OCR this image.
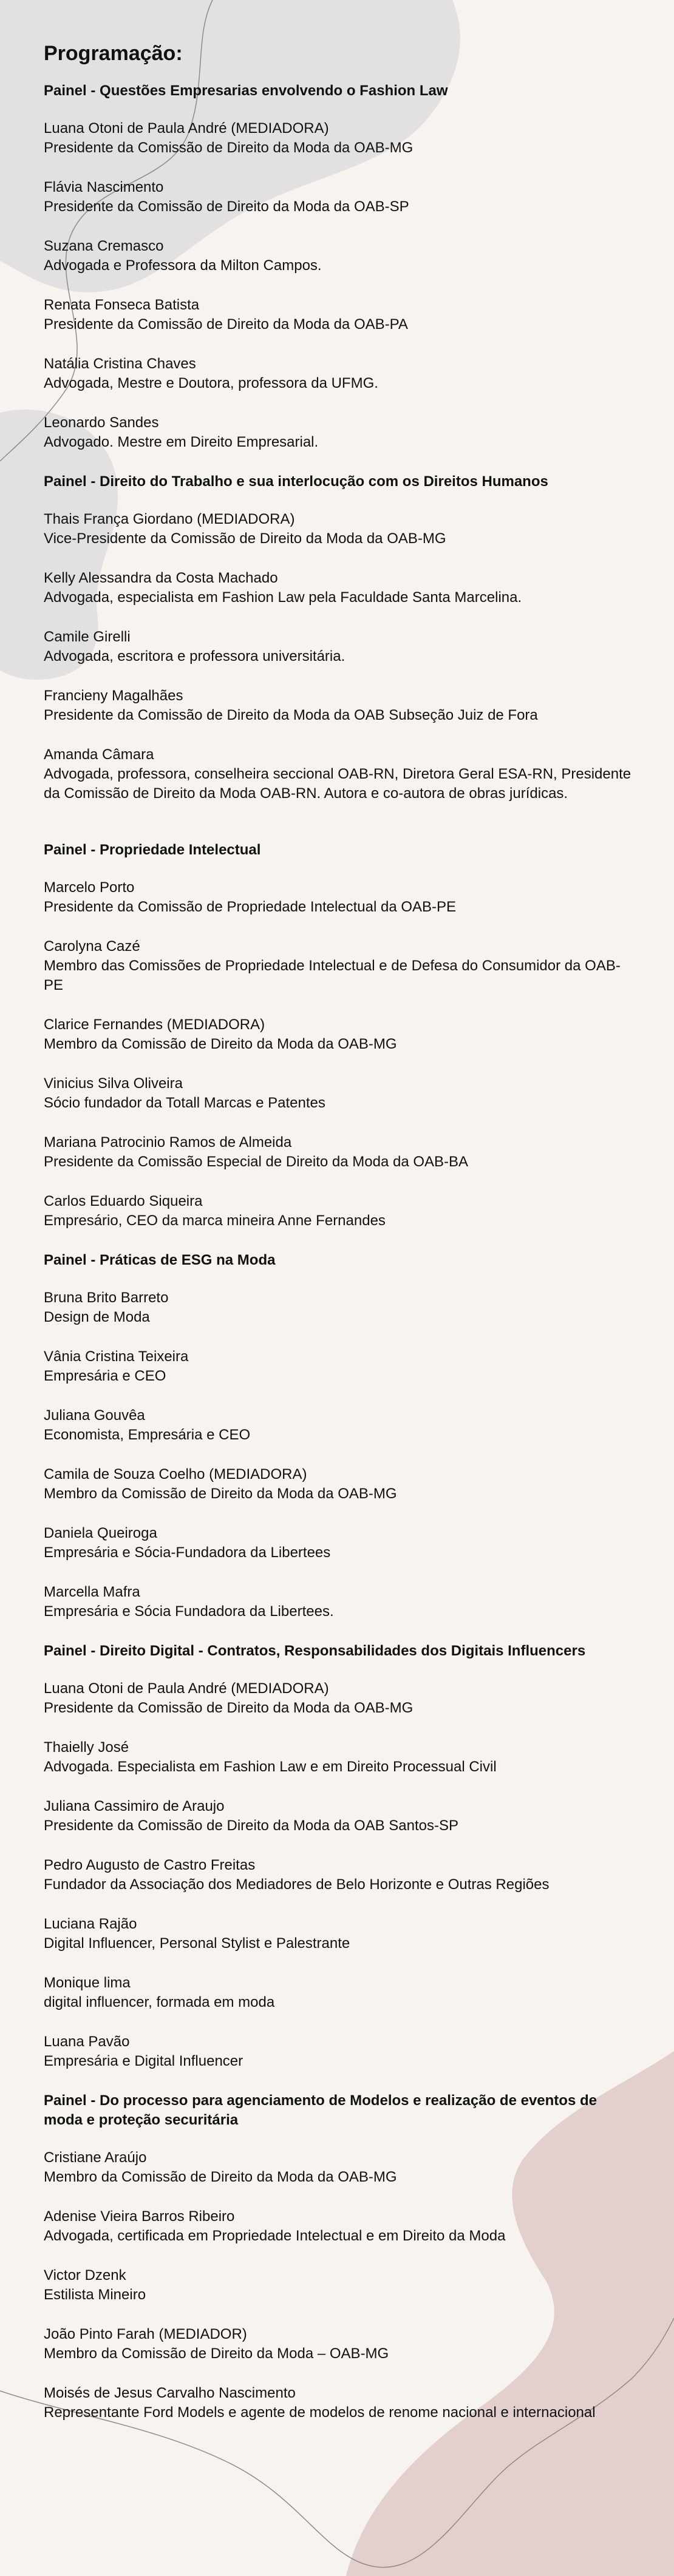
Programação:
Painel - Questões Empresarias envolvendo o Fashion Law
Luana Otoni de Paula André (MEDIADORA)
Presidente da Comissão de Direito da Moda da OAB-MG
Flávia Nascimento
Presidente da Comissão de Direito da Moda da OAB-SP
Suzana Cremasco
Advogada e Professora da Milton Campos.
Renata Fonseca Batista
Presidente da Comissão de Direito da Moda da OAB-PA
Natália Cristina Chaves
Advogada, Mestre e Doutora, professora da UFMG.
Leonardo Sandes
Advogado. Mestre em Direito Empresarial.
Painel - Direito do Trabalho e sua interlocução com os Direitos Humanos
Thais França Giordano (MEDIADORA)
Vice-Presidente da Comissão de Direito da Moda da OAB-MG
Kelly Alessandra da Costa Machado
Advogada, especialista em Fashion Law pela Faculdade Santa Marcelina.
Camile Girelli
Advogada, escritora e professora universitária.
Francieny Magalhães
Presidente da Comissão de Direito da Moda da OAB Subseção Juiz de Fora
Amanda Câmara
Advogada, professora, conselheira seccional OAB-RN, Diretora Geral ESA-RN, Presidente da Comissão de Direito da Moda OAB-RN. Autora e co-autora de obras jurídicas.
Painel - Propriedade Intelectual
Marcelo Porto
Presidente da Comissão de Propriedade Intelectual da OAB-PE
Carolyna Cazé
Membro das Comissões de Propriedade Intelectual e de Defesa do Consumidor da OAB-PE
Clarice Fernandes (MEDIADORA)
Membro da Comissão de Direito da Moda da OAB-MG
Vinicius Silva Oliveira
Sócio fundador da Totall Marcas e Patentes
Mariana Patrocinio Ramos de Almeida
Presidente da Comissão Especial de Direito da Moda da OAB-BA
Carlos Eduardo Siqueira
Empresário, CEO da marca mineira Anne Fernandes
Painel - Práticas de ESG na Moda
Bruna Brito Barreto
Design de Moda
Vânia Cristina Teixeira
Empresária e CEO
Juliana Gouvêa
Economista, Empresária e CEO
Camila de Souza Coelho (MEDIADORA)
Membro da Comissão de Direito da Moda da OAB-MG
Daniela Queiroga
Empresária e Sócia-Fundadora da Libertees
Marcella Mafra
Empresária e Sócia Fundadora da Libertees.
Painel - Direito Digital - Contratos, Responsabilidades dos Digitais Influencers
Luana Otoni de Paula André (MEDIADORA)
Presidente da Comissão de Direito da Moda da OAB-MG
Thaielly José
Advogada. Especialista em Fashion Law e em Direito Processual Civil
Juliana Cassimiro de Araujo
Presidente da Comissão de Direito da Moda da OAB Santos-SP
Pedro Augusto de Castro Freitas
Fundador da Associação dos Mediadores de Belo Horizonte e Outras Regiões
Luciana Rajão
Digital Influencer, Personal Stylist e Palestrante
Monique lima
digital influencer, formada em moda
Luana Pavão
Empresária e Digital Influencer
Painel - Do processo para agenciamento de Modelos e realização de eventos de moda e proteção securitária
Cristiane Araújo
Membro da Comissão de Direito da Moda da OAB-MG
Adenise Vieira Barros Ribeiro
Advogada, certificada em Propriedade Intelectual e em Direito da Moda
Victor Dzenk
Estilista Mineiro
João Pinto Farah (MEDIADOR)
Membro da Comissão de Direito da Moda – OAB-MG
Moisés de Jesus Carvalho Nascimento
Representante Ford Models e agente de modelos de renome nacional e internacional
